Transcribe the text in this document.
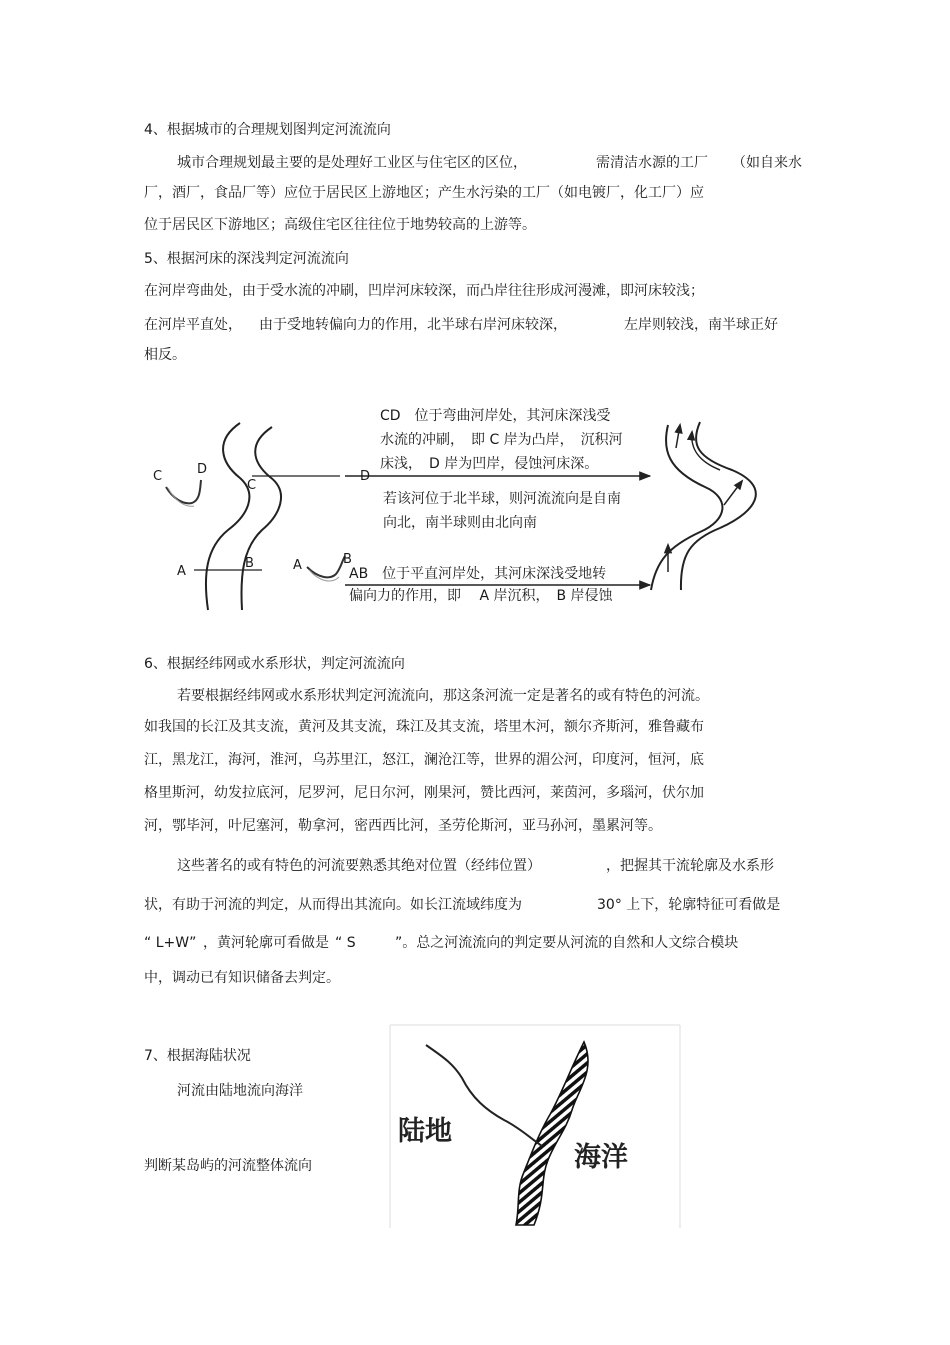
4、根据城市的合理规划图判定河流流向
城市合理规划最主要的是处理好工业区与住宅区的区位，	需清洁水源的工厂 （如自来水
厂，酒厂，食品厂等）应位于居民区上游地区；产生水污染的工厂（如电镀厂，化工厂）应
位于居民区下游地区；高级住宅区往往位于地势较高的上游等。
5、根据河床的深浅判定河流流向
在河岸弯曲处，由于受水流的冲刷，凹岸河床较深，而凸岸往往形成河漫滩，即河床较浅；
在河岸平直处， 由于受地转偏向力的作用，北半球右岸河床较深，	左岸则较浅，南半球正好
相反。
C	D
C
D
A
B	A	B
CD　位于弯曲河岸处，其河床深浅受
水流的冲刷，　即 C 岸为凸岸，　沉积河
床浅，　D 岸为凹岸，侵蚀河床深。
若该河位于北半球，则河流流向是自南
向北，南半球则由北向南
AB　位于平直河岸处，其河床深浅受地转
偏向力的作用，即　 A 岸沉积，　B 岸侵蚀
6、根据经纬网或水系形状，判定河流流向
若要根据经纬网或水系形状判定河流流向，那这条河流一定是著名的或有特色的河流。
如我国的长江及其支流，黄河及其支流，珠江及其支流，塔里木河，额尔齐斯河，雅鲁藏布
江，黑龙江，海河，淮河，乌苏里江，怒江，澜沧江等，世界的湄公河，印度河，恒河，底
格里斯河，幼发拉底河，尼罗河，尼日尔河，刚果河，赞比西河，莱茵河，多瑙河，伏尔加
河，鄂毕河，叶尼塞河，勒拿河，密西西比河，圣劳伦斯河，亚马孙河，墨累河等。
这些著名的或有特色的河流要熟悉其绝对位置（经纬位置）	，把握其干流轮廓及水系形
状，有助于河流的判定，从而得出其流向。如长江流域纬度为	30° 上下，轮廓特征可看做是
“ L+W” ，黄河轮廓可看做是 “ S	”。总之河流流向的判定要从河流的自然和人文综合模块
中，调动已有知识储备去判定。
7、根据海陆状况
河流由陆地流向海洋
判断某岛屿的河流整体流向
陆地
海洋
